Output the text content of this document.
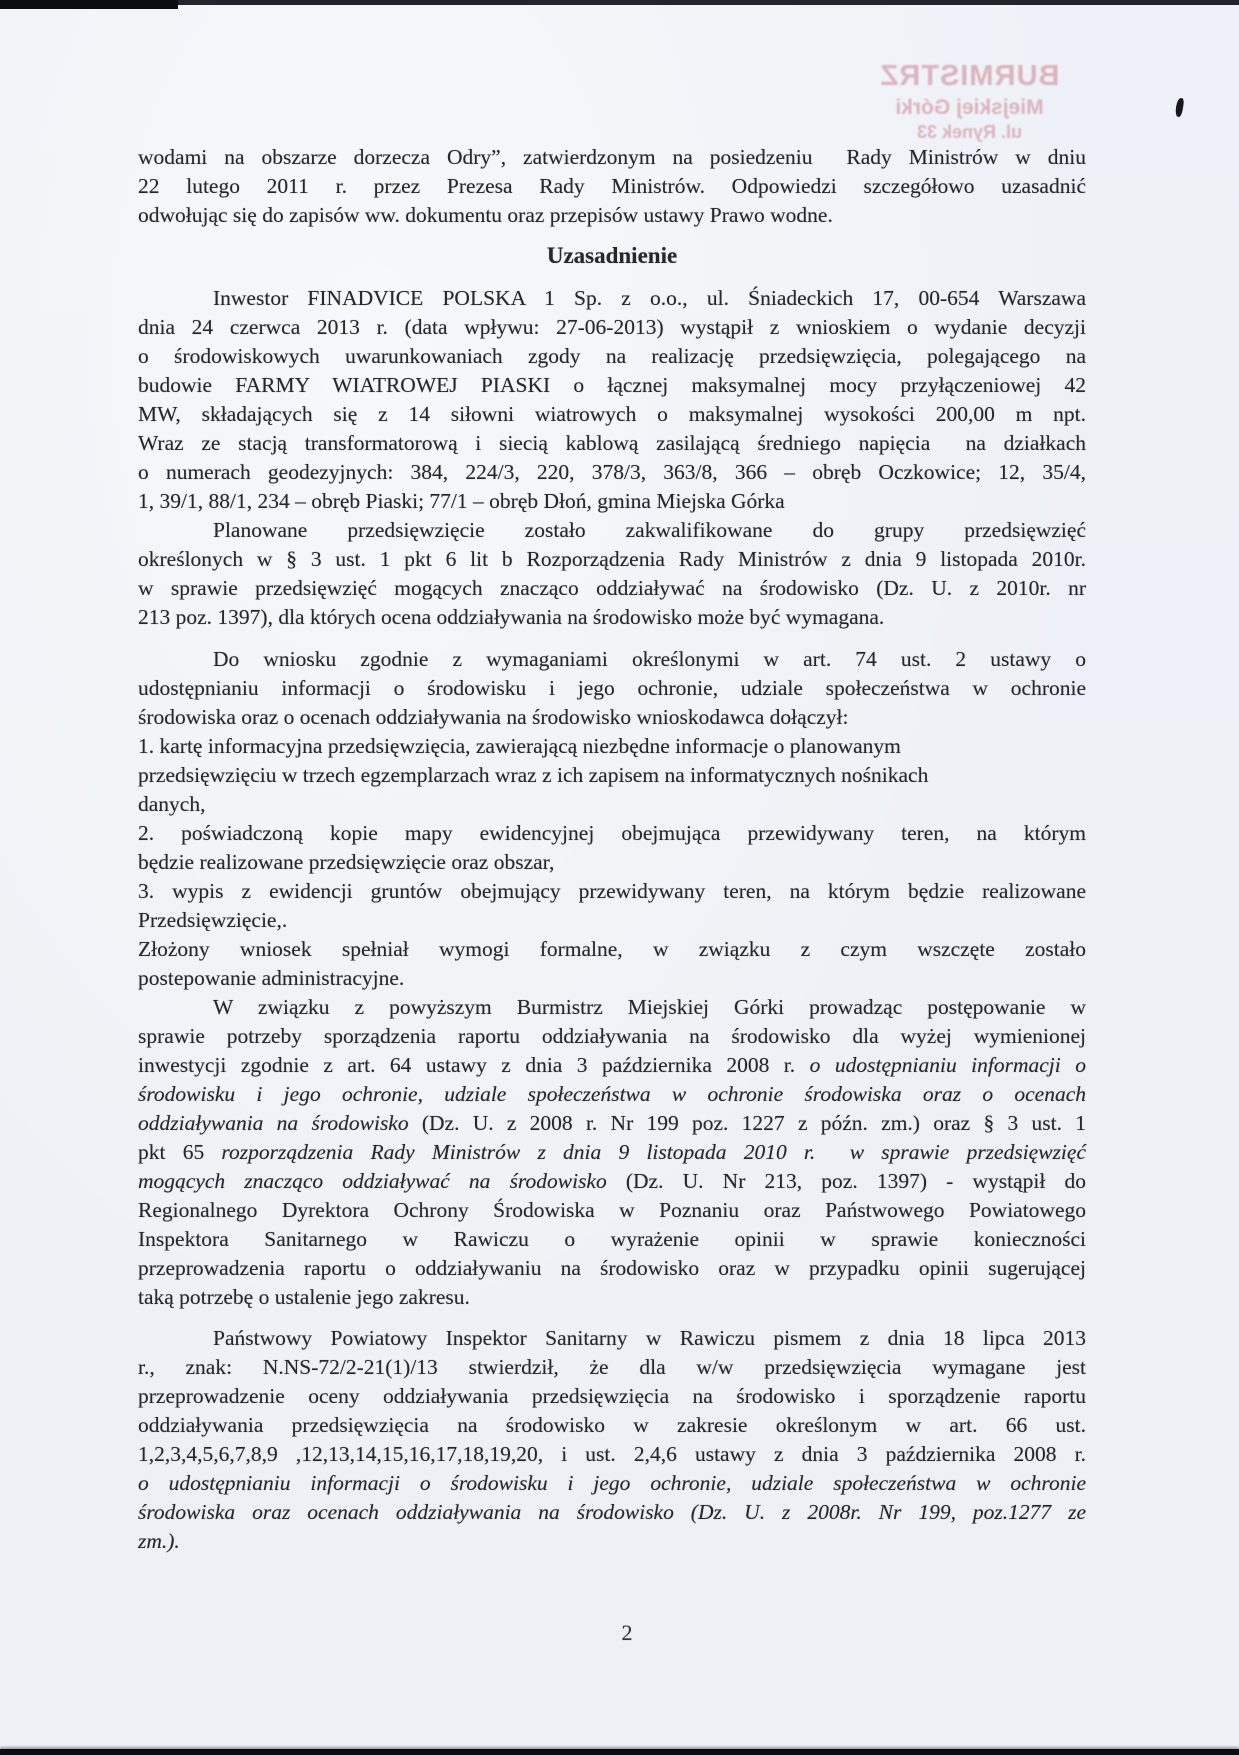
BURMISTRZ
Miejskiej Górki
ul. Rynek 33
wodami na obszarze dorzecza Odry”, zatwierdzonym na posiedzeniu  Rady Ministrów w dniu
22 lutego 2011 r. przez Prezesa Rady Ministrów. Odpowiedzi szczegółowo uzasadnić
odwołując się do zapisów ww. dokumentu oraz przepisów ustawy Prawo wodne.
Uzasadnienie
Inwestor FINADVICE POLSKA 1 Sp. z o.o., ul. Śniadeckich 17, 00-654 Warszawa
dnia 24 czerwca 2013 r. (data wpływu: 27-06-2013) wystąpił z wnioskiem o wydanie decyzji
o środowiskowych uwarunkowaniach zgody na realizację przedsięwzięcia, polegającego na
budowie FARMY WIATROWEJ PIASKI o łącznej maksymalnej mocy przyłączeniowej 42
MW, składających się z 14 siłowni wiatrowych o maksymalnej wysokości 200,00 m npt.
Wraz ze stacją transformatorową i siecią kablową zasilającą średniego napięcia  na działkach
o numerach geodezyjnych: 384, 224/3, 220, 378/3, 363/8, 366 – obręb Oczkowice; 12, 35/4,
1, 39/1, 88/1, 234 – obręb Piaski; 77/1 – obręb Dłoń, gmina Miejska Górka
Planowane przedsięwzięcie zostało zakwalifikowane do grupy przedsięwzięć
określonych w § 3 ust. 1 pkt 6 lit b Rozporządzenia Rady Ministrów z dnia 9 listopada 2010r.
w sprawie przedsięwzięć mogących znacząco oddziaływać na środowisko (Dz. U. z 2010r. nr
213 poz. 1397), dla których ocena oddziaływania na środowisko może być wymagana.
Do wniosku zgodnie z wymaganiami określonymi w art. 74 ust. 2 ustawy o
udostępnianiu informacji o środowisku i jego ochronie, udziale społeczeństwa w ochronie
środowiska oraz o ocenach oddziaływania na środowisko wnioskodawca dołączył:
1. kartę informacyjna przedsięwzięcia, zawierającą niezbędne informacje o planowanym
przedsięwzięciu w trzech egzemplarzach wraz z ich zapisem na informatycznych nośnikach
danych,
2. poświadczoną kopie mapy ewidencyjnej obejmująca przewidywany teren, na którym
będzie realizowane przedsięwzięcie oraz obszar,
3. wypis z ewidencji gruntów obejmujący przewidywany teren, na którym będzie realizowane
Przedsięwzięcie,.
Złożony wniosek spełniał wymogi formalne, w związku z czym wszczęte zostało
postepowanie administracyjne.
W związku z powyższym Burmistrz Miejskiej Górki prowadząc postępowanie w
sprawie potrzeby sporządzenia raportu oddziaływania na środowisko dla wyżej wymienionej
inwestycji zgodnie z art. 64 ustawy z dnia 3 października 2008 r. o udostępnianiu informacji o
środowisku i jego ochronie, udziale społeczeństwa w ochronie środowiska oraz o ocenach
oddziaływania na środowisko (Dz. U. z 2008 r. Nr 199 poz. 1227 z późn. zm.) oraz § 3 ust. 1
pkt 65 rozporządzenia Rady Ministrów z dnia 9 listopada 2010 r.  w sprawie przedsięwzięć
mogących znacząco oddziaływać na środowisko (Dz. U. Nr 213, poz. 1397) - wystąpił do
Regionalnego Dyrektora Ochrony Środowiska w Poznaniu oraz Państwowego Powiatowego
Inspektora Sanitarnego w Rawiczu o wyrażenie opinii w sprawie konieczności
przeprowadzenia raportu o oddziaływaniu na środowisko oraz w przypadku opinii sugerującej
taką potrzebę o ustalenie jego zakresu.
Państwowy Powiatowy Inspektor Sanitarny w Rawiczu pismem z dnia 18 lipca 2013
r., znak: N.NS-72/2-21(1)/13 stwierdził, że dla w/w przedsięwzięcia wymagane jest
przeprowadzenie oceny oddziaływania przedsięwzięcia na środowisko i sporządzenie raportu
oddziaływania przedsięwzięcia na środowisko w zakresie określonym w art. 66 ust.
1,2,3,4,5,6,7,8,9 ,12,13,14,15,16,17,18,19,20, i ust. 2,4,6 ustawy z dnia 3 października 2008 r.
o udostępnianiu informacji o środowisku i jego ochronie, udziale społeczeństwa w ochronie
środowiska oraz ocenach oddziaływania na środowisko (Dz. U. z 2008r. Nr 199, poz.1277 ze
zm.).
2
